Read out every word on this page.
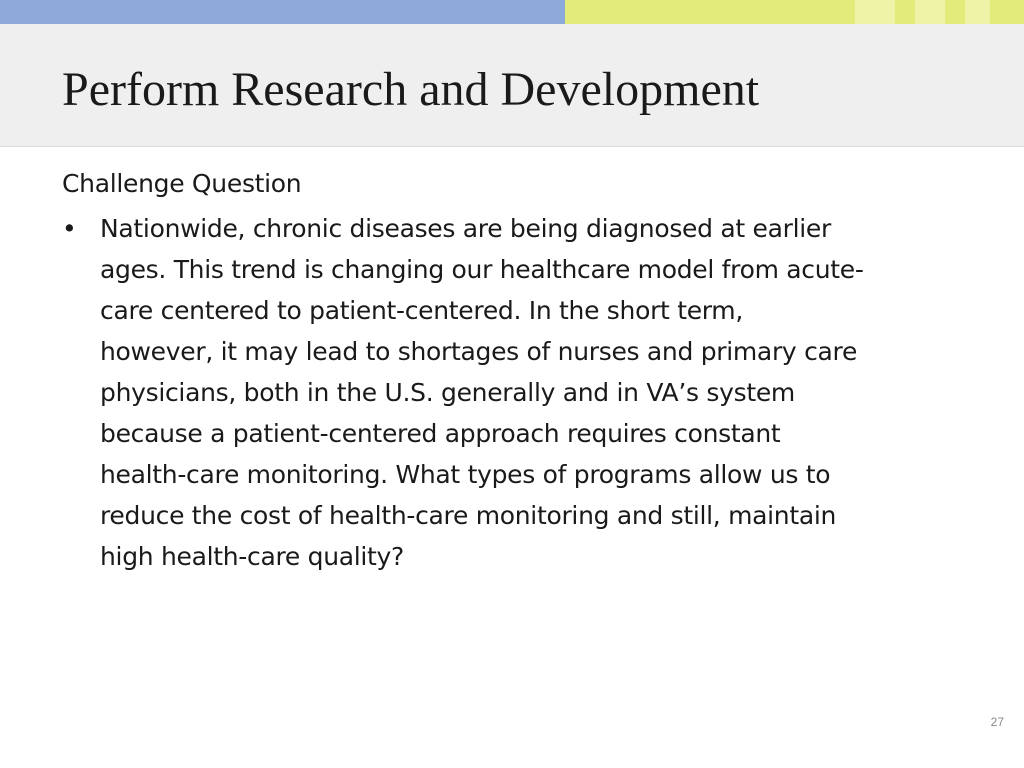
Perform Research and Development

Challenge Question

• Nationwide, chronic diseases are being diagnosed at earlier
ages. This trend is changing our healthcare model from acute-
care centered to patient-centered. In the short term,
however, it may lead to shortages of nurses and primary care
physicians, both in the U.S. generally and in VA’s system
because a patient-centered approach requires constant
health-care monitoring. What types of programs allow us to
reduce the cost of health-care monitoring and still, maintain
high health-care quality?
27
